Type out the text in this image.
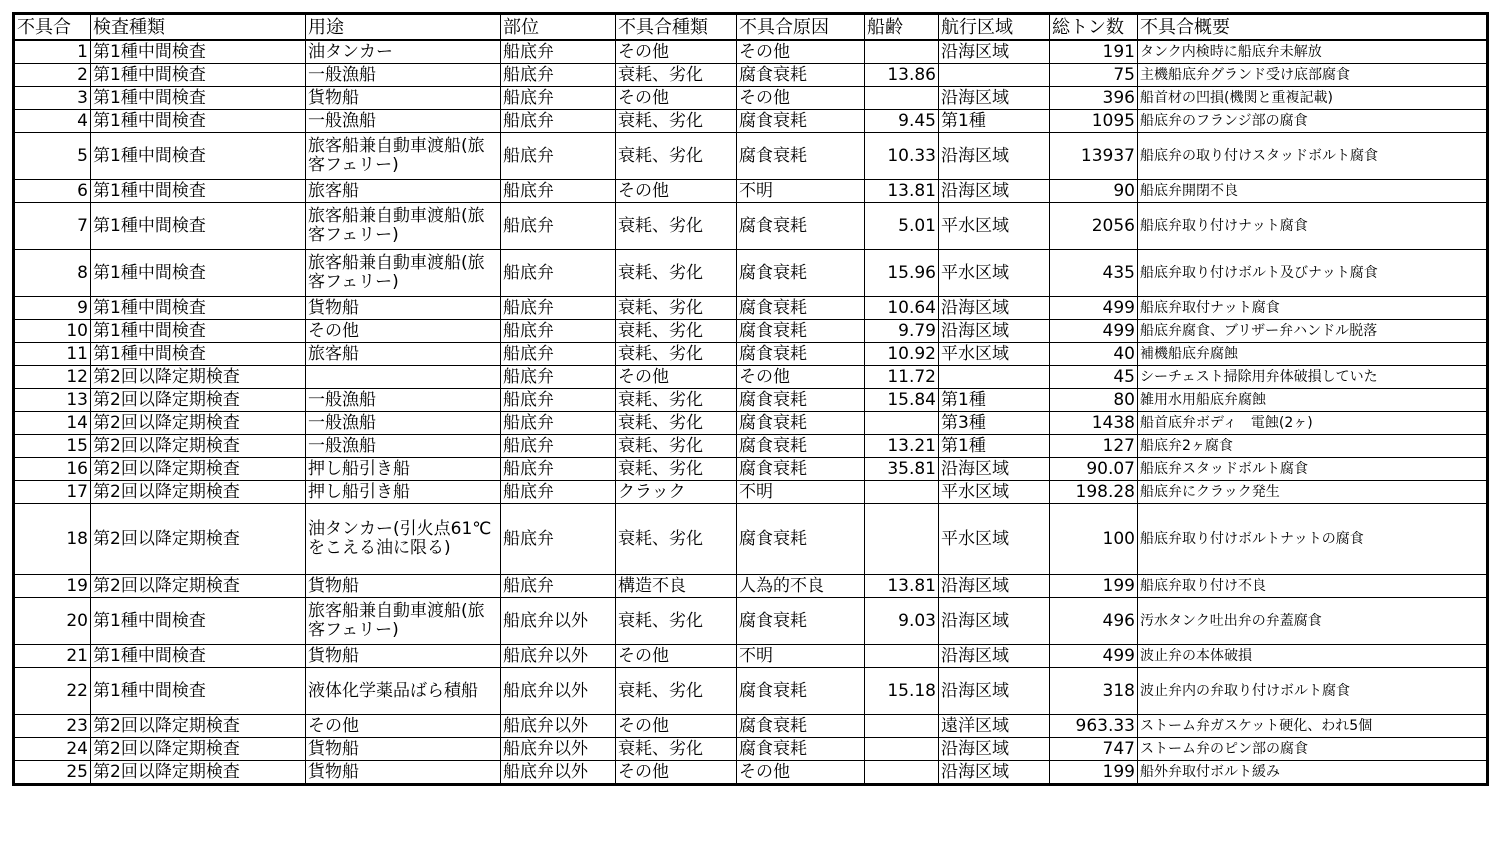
不具合	検査種類	用途	部位	不具合種類	不具合原因	船齢	航行区域	総トン数	不具合概要
1	第1種中間検査	油タンカー	船底弁	その他	その他		沿海区域	191	タンク内検時に船底弁未解放
2	第1種中間検査	一般漁船	船底弁	衰耗、劣化	腐食衰耗	13.86		75	主機船底弁グランド受け底部腐食
3	第1種中間検査	貨物船	船底弁	その他	その他		沿海区域	396	船首材の凹損(機関と重複記載)
4	第1種中間検査	一般漁船	船底弁	衰耗、劣化	腐食衰耗	9.45	第1種	1095	船底弁のフランジ部の腐食
5	第1種中間検査	旅客船兼自動車渡船(旅客フェリー)	船底弁	衰耗、劣化	腐食衰耗	10.33	沿海区域	13937	船底弁の取り付けスタッドボルト腐食
6	第1種中間検査	旅客船	船底弁	その他	不明	13.81	沿海区域	90	船底弁開閉不良
7	第1種中間検査	旅客船兼自動車渡船(旅客フェリー)	船底弁	衰耗、劣化	腐食衰耗	5.01	平水区域	2056	船底弁取り付けナット腐食
8	第1種中間検査	旅客船兼自動車渡船(旅客フェリー)	船底弁	衰耗、劣化	腐食衰耗	15.96	平水区域	435	船底弁取り付けボルト及びナット腐食
9	第1種中間検査	貨物船	船底弁	衰耗、劣化	腐食衰耗	10.64	沿海区域	499	船底弁取付ナット腐食
10	第1種中間検査	その他	船底弁	衰耗、劣化	腐食衰耗	9.79	沿海区域	499	船底弁腐食、ブリザー弁ハンドル脱落
11	第1種中間検査	旅客船	船底弁	衰耗、劣化	腐食衰耗	10.92	平水区域	40	補機船底弁腐蝕
12	第2回以降定期検査		船底弁	その他	その他	11.72		45	シーチェスト掃除用弁体破損していた
13	第2回以降定期検査	一般漁船	船底弁	衰耗、劣化	腐食衰耗	15.84	第1種	80	雑用水用船底弁腐蝕
14	第2回以降定期検査	一般漁船	船底弁	衰耗、劣化	腐食衰耗		第3種	1438	船首底弁ボディ　電蝕(2ヶ)
15	第2回以降定期検査	一般漁船	船底弁	衰耗、劣化	腐食衰耗	13.21	第1種	127	船底弁2ヶ腐食
16	第2回以降定期検査	押し船引き船	船底弁	衰耗、劣化	腐食衰耗	35.81	沿海区域	90.07	船底弁スタッドボルト腐食
17	第2回以降定期検査	押し船引き船	船底弁	クラック	不明		平水区域	198.28	船底弁にクラック発生
18	第2回以降定期検査	油タンカー(引火点61℃をこえる油に限る)	船底弁	衰耗、劣化	腐食衰耗		平水区域	100	船底弁取り付けボルトナットの腐食
19	第2回以降定期検査	貨物船	船底弁	構造不良	人為的不良	13.81	沿海区域	199	船底弁取り付け不良
20	第1種中間検査	旅客船兼自動車渡船(旅客フェリー)	船底弁以外	衰耗、劣化	腐食衰耗	9.03	沿海区域	496	汚水タンク吐出弁の弁蓋腐食
21	第1種中間検査	貨物船	船底弁以外	その他	不明		沿海区域	499	波止弁の本体破損
22	第1種中間検査	液体化学薬品ばら積船	船底弁以外	衰耗、劣化	腐食衰耗	15.18	沿海区域	318	波止弁内の弁取り付けボルト腐食
23	第2回以降定期検査	その他	船底弁以外	その他	腐食衰耗		遠洋区域	963.33	ストーム弁ガスケット硬化、われ5個
24	第2回以降定期検査	貨物船	船底弁以外	衰耗、劣化	腐食衰耗		沿海区域	747	ストーム弁のピン部の腐食
25	第2回以降定期検査	貨物船	船底弁以外	その他	その他		沿海区域	199	船外弁取付ボルト緩み
